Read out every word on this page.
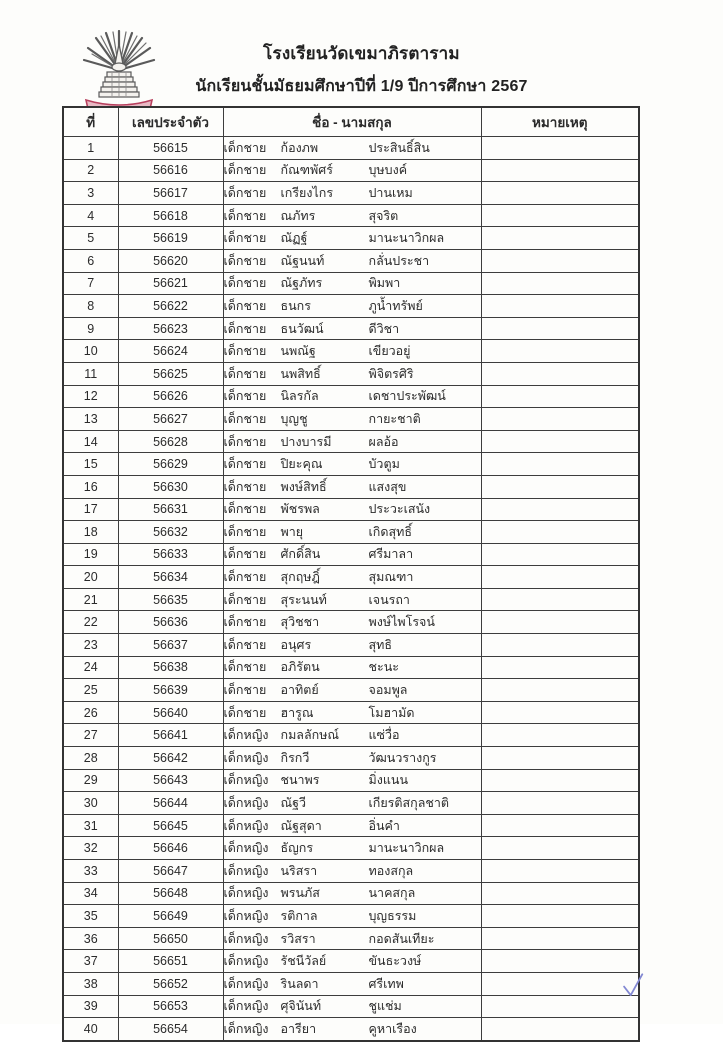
โรงเรียนวัดเขมาภิรตาราม
นักเรียนชั้นมัธยมศึกษาปีที่ 1/9 ปีการศึกษา 2567
ที่	เลขประจำตัว	ชื่อ - นามสกุล	หมายเหตุ
1	56615	เด็กชาย ก้องภพ ประสินธิ์สิน	
2	56616	เด็กชาย กัณฑพัศร์ บุษบงค์	
3	56617	เด็กชาย เกรียงไกร ปานเหม	
4	56618	เด็กชาย ณภัทร สุจริต	
5	56619	เด็กชาย ณัฏฐ์ มานะนาวิกผล	
6	56620	เด็กชาย ณัฐนนท์ กลั่นประชา	
7	56621	เด็กชาย ณัฐภัทร พิมพา	
8	56622	เด็กชาย ธนกร ภูน้ำทรัพย์	
9	56623	เด็กชาย ธนวัฒน์ ดีวิชา	
10	56624	เด็กชาย นพณัฐ เขียวอยู่	
11	56625	เด็กชาย นพสิทธิ์ พิจิตรศิริ	
12	56626	เด็กชาย นิลรกัล เดชาประพัฒน์	
13	56627	เด็กชาย บุญชู กายะชาติ	
14	56628	เด็กชาย ปางบารมี ผลอ้อ	
15	56629	เด็กชาย ปิยะคุณ บัวตูม	
16	56630	เด็กชาย พงษ์สิทธิ์ แสงสุข	
17	56631	เด็กชาย พัชรพล ประวะเสนัง	
18	56632	เด็กชาย พายุ เกิดสุทธิ์	
19	56633	เด็กชาย ศักดิ์สิน ศรีมาลา	
20	56634	เด็กชาย สุกฤษฎิ์ สุมณฑา	
21	56635	เด็กชาย สุระนนท์ เจนรถา	
22	56636	เด็กชาย สุวิชชา พงษ์ไพโรจน์	
23	56637	เด็กชาย อนุศร สุทธิ	
24	56638	เด็กชาย อภิรัตน ชะนะ	
25	56639	เด็กชาย อาทิตย์ จอมพูล	
26	56640	เด็กชาย ฮารูณ โมฮามัด	
27	56641	เด็กหญิง กมลลักษณ์ แซ่วื่อ	
28	56642	เด็กหญิง กิรกวี วัฒนวรางกูร	
29	56643	เด็กหญิง ชนาพร มิ่งแนน	
30	56644	เด็กหญิง ณัฐวี เกียรติสกุลชาติ	
31	56645	เด็กหญิง ณัฐสุดา อิ่นคำ	
32	56646	เด็กหญิง ธัญกร มานะนาวิกผล	
33	56647	เด็กหญิง นริสรา ทองสกุล	
34	56648	เด็กหญิง พรนภัส นาคสกุล	
35	56649	เด็กหญิง รติกาล บุญธรรม	
36	56650	เด็กหญิง รวิสรา กอดสันเทียะ	
37	56651	เด็กหญิง รัชนีวัลย์ ขันธะวงษ์	
38	56652	เด็กหญิง รินลดา ศรีเทพ	
39	56653	เด็กหญิง ศุจินันท์ ชูแช่ม	
40	56654	เด็กหญิง อารียา คูหาเรือง	
